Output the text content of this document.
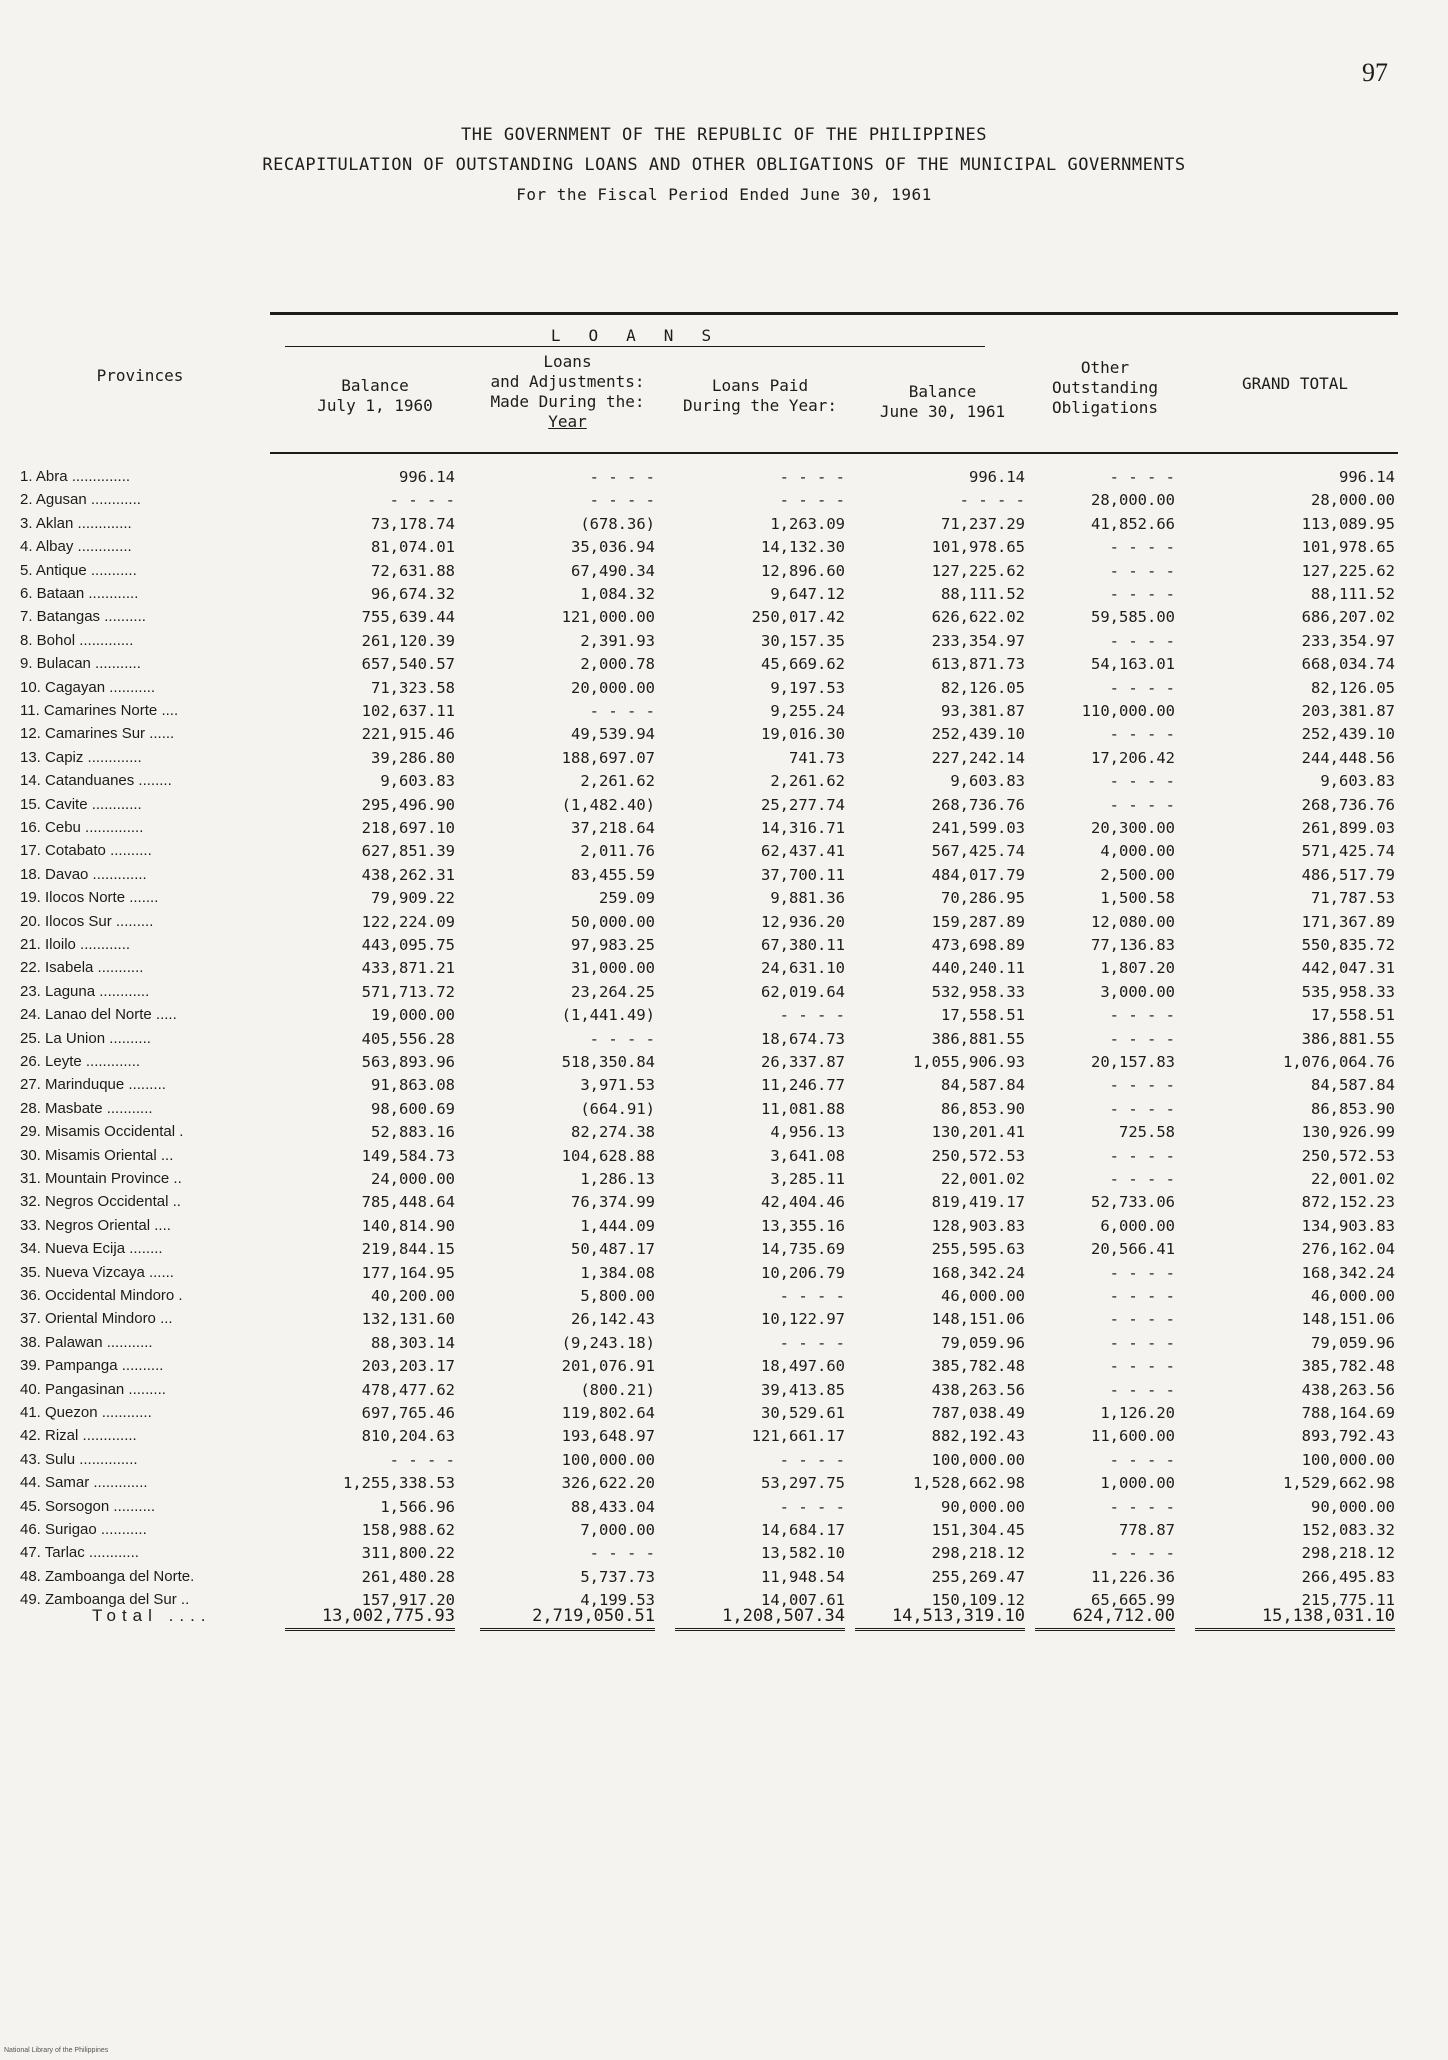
97
THE GOVERNMENT OF THE REPUBLIC OF THE PHILIPPINES
RECAPITULATION OF OUTSTANDING LOANS AND OTHER OBLIGATIONS OF THE MUNICIPAL GOVERNMENTS
For the Fiscal Period Ended June 30, 1961
LOANS
Provinces
Balance
July 1, 1960
Loans
and Adjustments:
Made During the:
Year
Loans Paid
During the Year:
Balance
June 30, 1961
Other
Outstanding
Obligations
GRAND TOTAL
1. Abra ..............	996.14	- - - -	- - - -	996.14	- - - -	996.14
2. Agusan ............	- - - -	- - - -	- - - -	- - - -	28,000.00	28,000.00
3. Aklan .............	73,178.74	(678.36)	1,263.09	71,237.29	41,852.66	113,089.95
4. Albay .............	81,074.01	35,036.94	14,132.30	101,978.65	- - - -	101,978.65
5. Antique ...........	72,631.88	67,490.34	12,896.60	127,225.62	- - - -	127,225.62
6. Bataan ............	96,674.32	1,084.32	9,647.12	88,111.52	- - - -	88,111.52
7. Batangas ..........	755,639.44	121,000.00	250,017.42	626,622.02	59,585.00	686,207.02
8. Bohol .............	261,120.39	2,391.93	30,157.35	233,354.97	- - - -	233,354.97
9. Bulacan ...........	657,540.57	2,000.78	45,669.62	613,871.73	54,163.01	668,034.74
10. Cagayan ...........	71,323.58	20,000.00	9,197.53	82,126.05	- - - -	82,126.05
11. Camarines Norte ....	102,637.11	- - - -	9,255.24	93,381.87	110,000.00	203,381.87
12. Camarines Sur ......	221,915.46	49,539.94	19,016.30	252,439.10	- - - -	252,439.10
13. Capiz .............	39,286.80	188,697.07	741.73	227,242.14	17,206.42	244,448.56
14. Catanduanes ........	9,603.83	2,261.62	2,261.62	9,603.83	- - - -	9,603.83
15. Cavite ............	295,496.90	(1,482.40)	25,277.74	268,736.76	- - - -	268,736.76
16. Cebu ..............	218,697.10	37,218.64	14,316.71	241,599.03	20,300.00	261,899.03
17. Cotabato ..........	627,851.39	2,011.76	62,437.41	567,425.74	4,000.00	571,425.74
18. Davao .............	438,262.31	83,455.59	37,700.11	484,017.79	2,500.00	486,517.79
19. Ilocos Norte .......	79,909.22	259.09	9,881.36	70,286.95	1,500.58	71,787.53
20. Ilocos Sur .........	122,224.09	50,000.00	12,936.20	159,287.89	12,080.00	171,367.89
21. Iloilo ............	443,095.75	97,983.25	67,380.11	473,698.89	77,136.83	550,835.72
22. Isabela ...........	433,871.21	31,000.00	24,631.10	440,240.11	1,807.20	442,047.31
23. Laguna ............	571,713.72	23,264.25	62,019.64	532,958.33	3,000.00	535,958.33
24. Lanao del Norte .....	19,000.00	(1,441.49)	- - - -	17,558.51	- - - -	17,558.51
25. La Union ..........	405,556.28	- - - -	18,674.73	386,881.55	- - - -	386,881.55
26. Leyte .............	563,893.96	518,350.84	26,337.87	1,055,906.93	20,157.83	1,076,064.76
27. Marinduque .........	91,863.08	3,971.53	11,246.77	84,587.84	- - - -	84,587.84
28. Masbate ...........	98,600.69	(664.91)	11,081.88	86,853.90	- - - -	86,853.90
29. Misamis Occidental .	52,883.16	82,274.38	4,956.13	130,201.41	725.58	130,926.99
30. Misamis Oriental ...	149,584.73	104,628.88	3,641.08	250,572.53	- - - -	250,572.53
31. Mountain Province ..	24,000.00	1,286.13	3,285.11	22,001.02	- - - -	22,001.02
32. Negros Occidental ..	785,448.64	76,374.99	42,404.46	819,419.17	52,733.06	872,152.23
33. Negros Oriental ....	140,814.90	1,444.09	13,355.16	128,903.83	6,000.00	134,903.83
34. Nueva Ecija ........	219,844.15	50,487.17	14,735.69	255,595.63	20,566.41	276,162.04
35. Nueva Vizcaya ......	177,164.95	1,384.08	10,206.79	168,342.24	- - - -	168,342.24
36. Occidental Mindoro .	40,200.00	5,800.00	- - - -	46,000.00	- - - -	46,000.00
37. Oriental Mindoro ...	132,131.60	26,142.43	10,122.97	148,151.06	- - - -	148,151.06
38. Palawan ...........	88,303.14	(9,243.18)	- - - -	79,059.96	- - - -	79,059.96
39. Pampanga ..........	203,203.17	201,076.91	18,497.60	385,782.48	- - - -	385,782.48
40. Pangasinan .........	478,477.62	(800.21)	39,413.85	438,263.56	- - - -	438,263.56
41. Quezon ............	697,765.46	119,802.64	30,529.61	787,038.49	1,126.20	788,164.69
42. Rizal .............	810,204.63	193,648.97	121,661.17	882,192.43	11,600.00	893,792.43
43. Sulu ..............	- - - -	100,000.00	- - - -	100,000.00	- - - -	100,000.00
44. Samar .............	1,255,338.53	326,622.20	53,297.75	1,528,662.98	1,000.00	1,529,662.98
45. Sorsogon ..........	1,566.96	88,433.04	- - - -	90,000.00	- - - -	90,000.00
46. Surigao ...........	158,988.62	7,000.00	14,684.17	151,304.45	778.87	152,083.32
47. Tarlac ............	311,800.22	- - - -	13,582.10	298,218.12	- - - -	298,218.12
48. Zamboanga del Norte.	261,480.28	5,737.73	11,948.54	255,269.47	11,226.36	266,495.83
49. Zamboanga del Sur ..	157,917.20	4,199.53	14,007.61	150,109.12	65,665.99	215,775.11
Total ....	13,002,775.93	2,719,050.51	1,208,507.34	14,513,319.10	624,712.00	15,138,031.10
National Library of the Philippines
